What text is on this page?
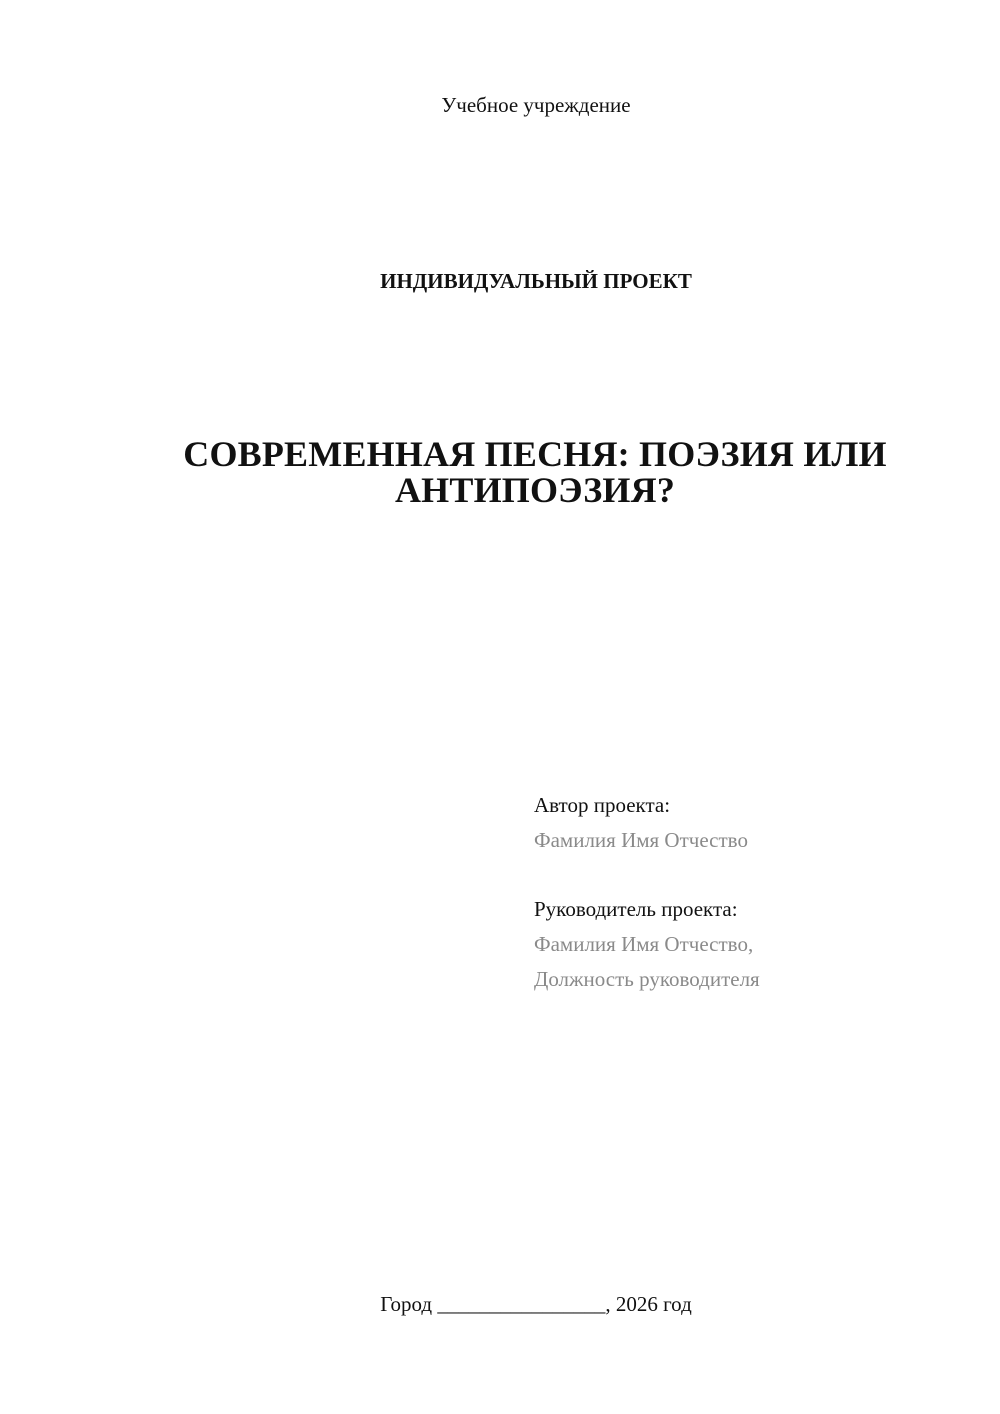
Учебное учреждение
ИНДИВИДУАЛЬНЫЙ ПРОЕКТ
СОВРЕМЕННАЯ ПЕСНЯ: ПОЭЗИЯ ИЛИ
АНТИПОЭЗИЯ?
Автор проекта:
Фамилия Имя Отчество
Руководитель проекта:
Фамилия Имя Отчество,
Должность руководителя
Город ________________, 2026 год
